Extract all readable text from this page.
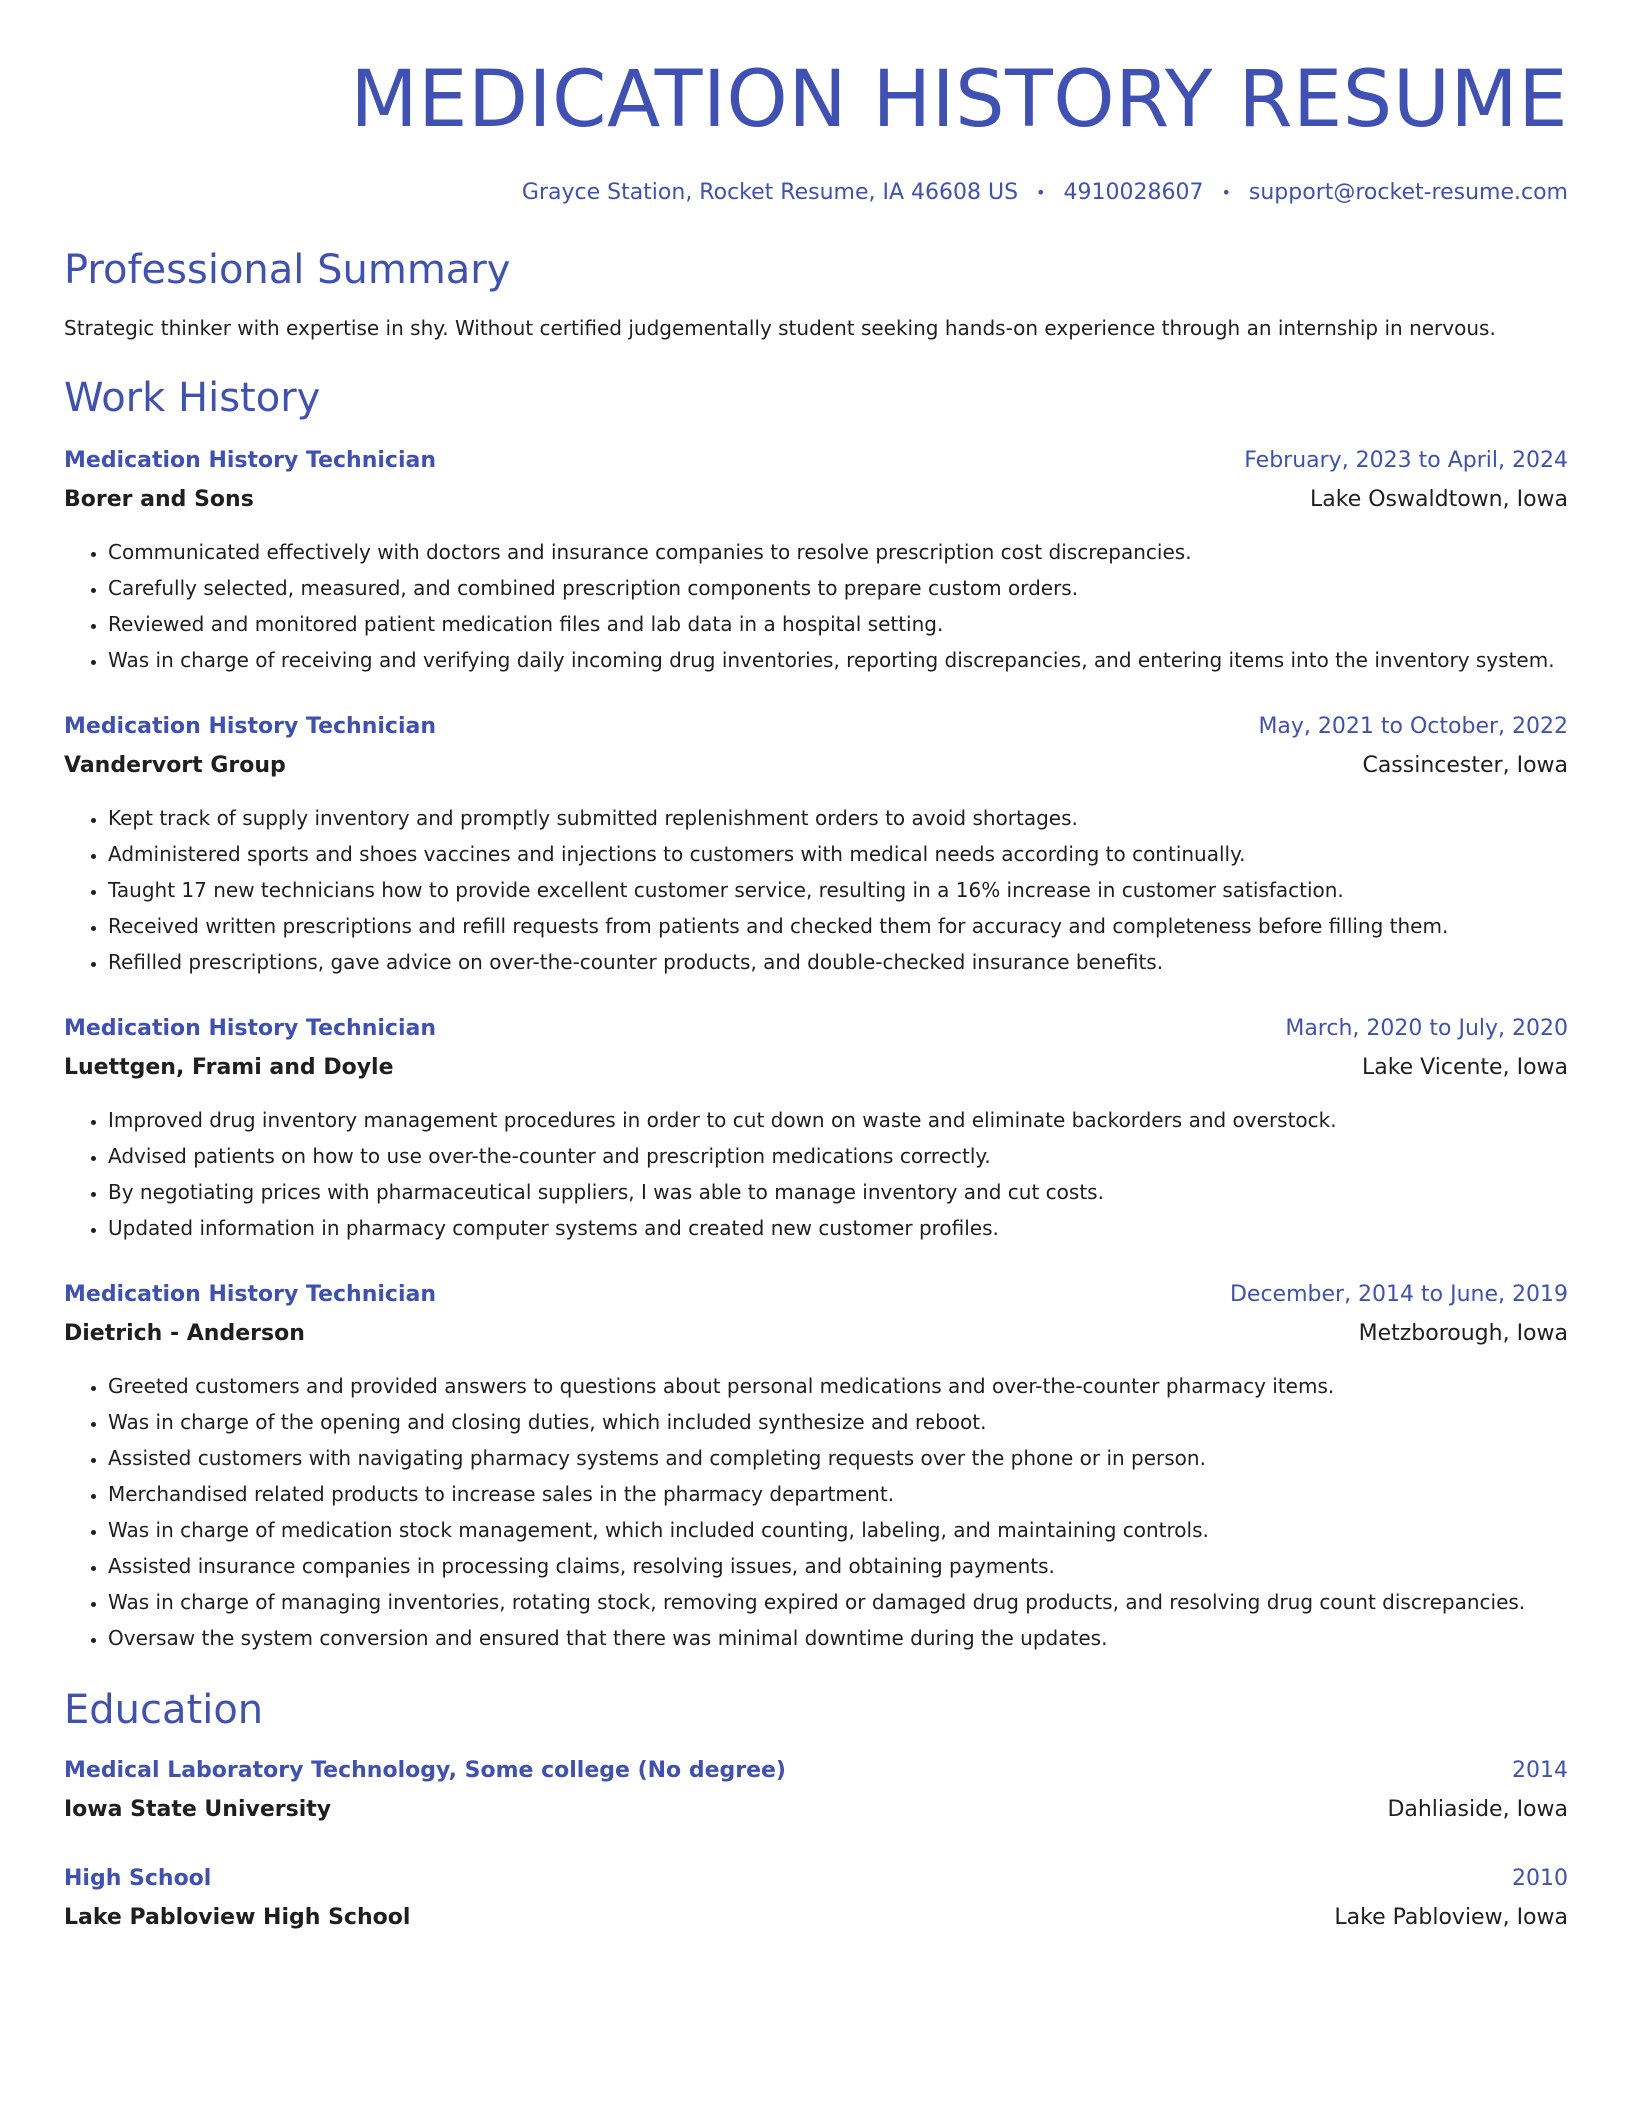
MEDICATION HISTORY RESUME
Grayce Station, Rocket Resume, IA 46608 US • 4910028607 • support@rocket-resume.com
Professional Summary

Strategic thinker with expertise in shy. Without certified judgementally student seeking hands-on experience through an internship in nervous.

Work History
Medication History Technician	February, 2023 to April, 2024
Borer and Sons	Lake Oswaldtown, Iowa
• Communicated effectively with doctors and insurance companies to resolve prescription cost discrepancies.
• Carefully selected, measured, and combined prescription components to prepare custom orders.
• Reviewed and monitored patient medication files and lab data in a hospital setting.
• Was in charge of receiving and verifying daily incoming drug inventories, reporting discrepancies, and entering items into the inventory system.
Medication History Technician	May, 2021 to October, 2022
Vandervort Group	Cassincester, Iowa
• Kept track of supply inventory and promptly submitted replenishment orders to avoid shortages.
• Administered sports and shoes vaccines and injections to customers with medical needs according to continually.
• Taught 17 new technicians how to provide excellent customer service, resulting in a 16% increase in customer satisfaction.
• Received written prescriptions and refill requests from patients and checked them for accuracy and completeness before filling them.
• Refilled prescriptions, gave advice on over-the-counter products, and double-checked insurance benefits.
Medication History Technician	March, 2020 to July, 2020
Luettgen, Frami and Doyle	Lake Vicente, Iowa
• Improved drug inventory management procedures in order to cut down on waste and eliminate backorders and overstock.
• Advised patients on how to use over-the-counter and prescription medications correctly.
• By negotiating prices with pharmaceutical suppliers, I was able to manage inventory and cut costs.
• Updated information in pharmacy computer systems and created new customer profiles.
Medication History Technician	December, 2014 to June, 2019
Dietrich - Anderson	Metzborough, Iowa
• Greeted customers and provided answers to questions about personal medications and over-the-counter pharmacy items.
• Was in charge of the opening and closing duties, which included synthesize and reboot.
• Assisted customers with navigating pharmacy systems and completing requests over the phone or in person.
• Merchandised related products to increase sales in the pharmacy department.
• Was in charge of medication stock management, which included counting, labeling, and maintaining controls.
• Assisted insurance companies in processing claims, resolving issues, and obtaining payments.
• Was in charge of managing inventories, rotating stock, removing expired or damaged drug products, and resolving drug count discrepancies.
• Oversaw the system conversion and ensured that there was minimal downtime during the updates.
Education
Medical Laboratory Technology, Some college (No degree)	2014
Iowa State University	Dahliaside, Iowa
High School	2010
Lake Pabloview High School	Lake Pabloview, Iowa
